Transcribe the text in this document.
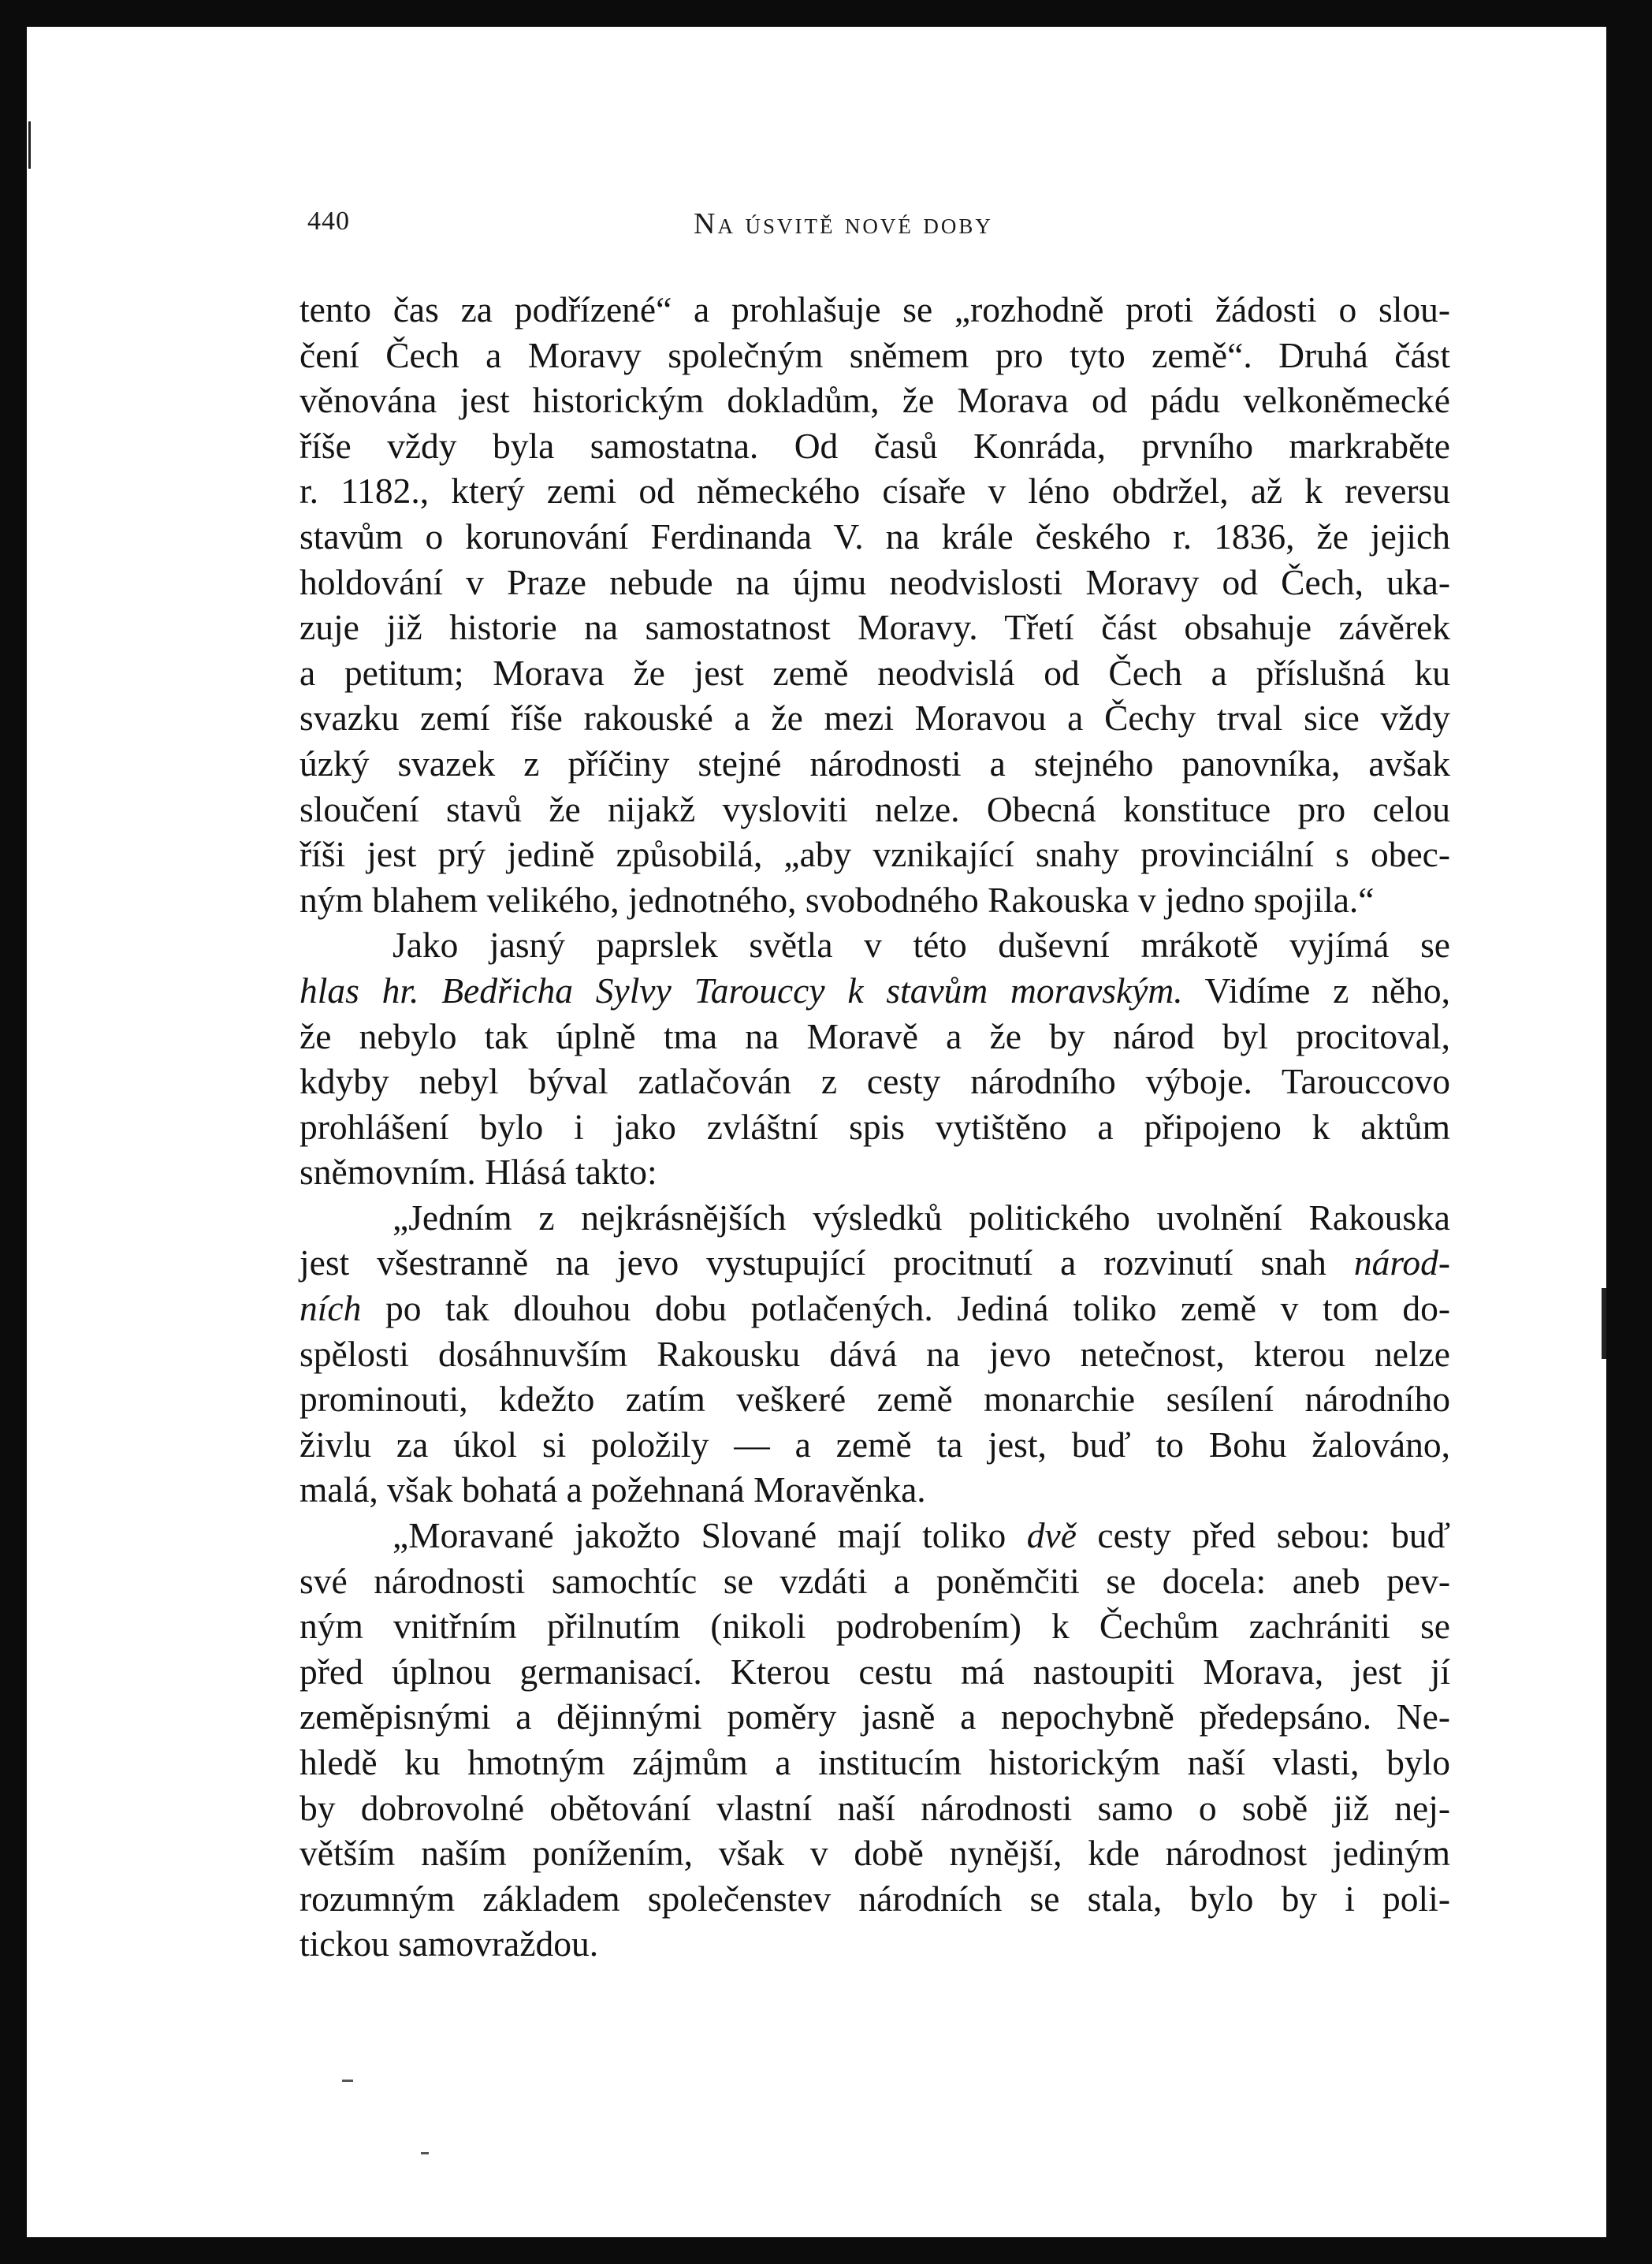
440	Na úsvitě nové doby
tento čas za podřízené“ a prohlašuje se „rozhodně proti žádosti o slou-
čení Čech a Moravy společným sněmem pro tyto země“. Druhá část
věnována jest historickým dokladům, že Morava od pádu velkoněmecké
říše vždy byla samostatna. Od časů Konráda, prvního markraběte
r. 1182., který zemi od německého císaře v léno obdržel, až k reversu
stavům o korunování Ferdinanda V. na krále českého r. 1836, že jejich
holdování v Praze nebude na újmu neodvislosti Moravy od Čech, uka-
zuje již historie na samostatnost Moravy. Třetí část obsahuje závěrek
a petitum; Morava že jest země neodvislá od Čech a příslušná ku
svazku zemí říše rakouské a že mezi Moravou a Čechy trval sice vždy
úzký svazek z příčiny stejné národnosti a stejného panovníka, avšak
sloučení stavů že nijakž vysloviti nelze. Obecná konstituce pro celou
říši jest prý jedině způsobilá, „aby vznikající snahy provinciální s obec-
ným blahem velikého, jednotného, svobodného Rakouska v jedno spojila.“
Jako jasný paprslek světla v této duševní mrákotě vyjímá se
hlas hr. Bedřicha Sylvy Tarouccy k stavům moravským. Vidíme z něho,
že nebylo tak úplně tma na Moravě a že by národ byl procitoval,
kdyby nebyl býval zatlačován z cesty národního výboje. Tarouccovo
prohlášení bylo i jako zvláštní spis vytištěno a připojeno k aktům
sněmovním. Hlásá takto:
„Jedním z nejkrásnějších výsledků politického uvolnění Rakouska
jest všestranně na jevo vystupující procitnutí a rozvinutí snah národ-
ních po tak dlouhou dobu potlačených. Jediná toliko země v tom do-
spělosti dosáhnuvším Rakousku dává na jevo netečnost, kterou nelze
prominouti, kdežto zatím veškeré země monarchie sesílení národního
živlu za úkol si položily — a země ta jest, buď to Bohu žalováno,
malá, však bohatá a požehnaná Moravěnka.
„Moravané jakožto Slované mají toliko dvě cesty před sebou: buď
své národnosti samochtíc se vzdáti a poněmčiti se docela: aneb pev-
ným vnitřním přilnutím (nikoli podrobením) k Čechům zachrániti se
před úplnou germanisací. Kterou cestu má nastoupiti Morava, jest jí
zeměpisnými a dějinnými poměry jasně a nepochybně předepsáno. Ne-
hledě ku hmotným zájmům a institucím historickým naší vlasti, bylo
by dobrovolné obětování vlastní naší národnosti samo o sobě již nej-
větším naším ponížením, však v době nynější, kde národnost jediným
rozumným základem společenstev národních se stala, bylo by i poli-
tickou samovraždou.
